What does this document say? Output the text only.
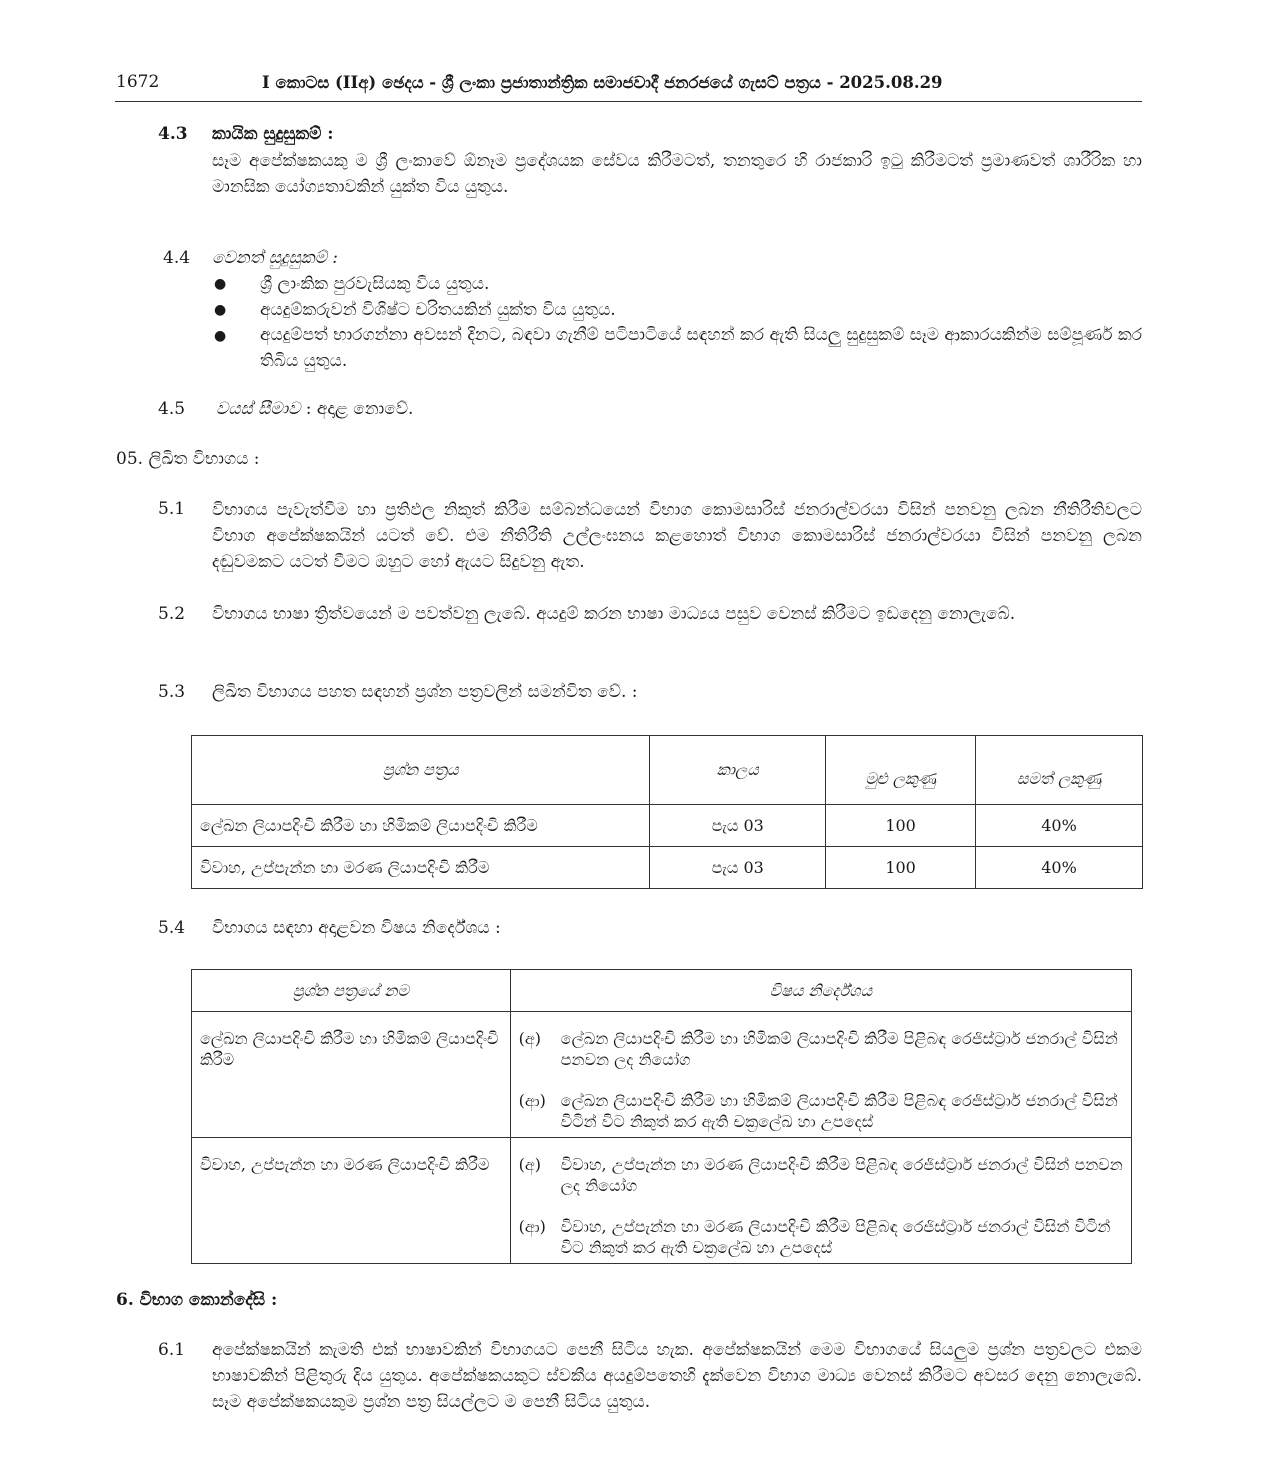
1672	I කොටස (IIඅ) ඡෙදය - ශ්‍රී ලංකා ප්‍රජාතාන්ත්‍රික සමාජවාදී ජනරජයේ ගැසට් පත්‍රය - 2025.08.29
4.3 කායික සුදුසුකම් :
සෑම අපේක්ෂකයකු ම ශ්‍රී ලංකාවේ ඕනෑම ප්‍රදේශයක සේවය කිරීමටත්, තනතුරෙ හි රාජකාරි ඉටු කිරීමටත් ප්‍රමාණවත් ශාරීරික හා මානසික යෝග්‍යතාවකින් යුක්ත විය යුතුය.
4.4 වෙනත් සුදුසුකම් :
● ශ්‍රී ලාංකික පුරවැසියකු විය යුතුය.
● අයදුම්කරුවන් විශිෂ්ට චරිතයකින් යුක්ත විය යුතුය.
● අයදුම්පත් භාරගන්නා අවසන් දිනට, බඳවා ගැනීම් පටිපාටියේ සඳහන් කර ඇති සියලු සුදුසුකම් සෑම ආකාරයකින්ම සම්පූර්ණ කර තිබිය යුතුය.
4.5 වයස් සීමාව : අදාළ නොවේ.
05. ලිඛිත විභාගය :
5.1 විභාගය පැවැත්වීම හා ප්‍රතිඵල නිකුත් කිරීම සම්බන්ධයෙන් විභාග කොමසාරිස් ජනරාල්වරයා විසින් පනවනු ලබන නීතිරීතිවලට විභාග අපේක්ෂකයින් යටත් වේ. එම නීතිරීති උල්ලංඝනය කළහොත් විභාග කොමසාරිස් ජනරාල්වරයා විසින් පනවනු ලබන දඬුවමකට යටත් වීමට ඔහුට හෝ ඇයට සිදුවනු ඇත.
5.2 විභාගය භාෂා ත්‍රිත්වයෙන් ම පවත්වනු ලැබේ. අයදුම් කරන භාෂා මාධ්‍යය පසුව වෙනස් කිරීමට ඉඩදෙනු නොලැබේ.
5.3 ලිඛිත විභාගය පහත සඳහන් ප්‍රශ්න පත්‍රවලින් සමන්විත වේ. :
ප්‍රශ්න පත්‍රය	කාලය	මුළු ලකුණු	සමත් ලකුණු
ලේඛන ලියාපදිංචි කිරීම හා හිමිකම් ලියාපදිංචි කිරීම	පැය 03	100	40%
විවාහ, උප්පැන්න හා මරණ ලියාපදිංචි කිරීම	පැය 03	100	40%
5.4 විභාගය සඳහා අදාළවන විෂය නිර්දේශය :
ප්‍රශ්න පත්‍රයේ නම	විෂය නිර්දේශය
ලේඛන ලියාපදිංචි කිරීම හා හිමිකම් ලියාපදිංචි කිරීම	(අ) ලේඛන ලියාපදිංචි කිරීම හා හිමිකම් ලියාපදිංචි කිරීම පිළිබඳ රෙජිස්ට්‍රාර් ජනරාල් විසින් පනවන ලද නියෝග
(ආ) ලේඛන ලියාපදිංචි කිරීම හා හිමිකම් ලියාපදිංචි කිරීම පිළිබඳ රෙජිස්ට්‍රාර් ජනරාල් විසින් විටින් විට නිකුත් කර ඇති චක්‍රලේඛ හා උපදෙස්

විවාහ, උප්පැන්න හා මරණ ලියාපදිංචි කිරීම	(අ) විවාහ, උප්පැන්න හා මරණ ලියාපදිංචි කිරීම පිළිබඳ රෙජිස්ට්‍රාර් ජනරාල් විසින් පනවන ලද නියෝග
(ආ) විවාහ, උප්පැන්න හා මරණ ලියාපදිංචි කිරීම පිළිබඳ රෙජිස්ට්‍රාර් ජනරාල් විසින් විටින් විට නිකුත් කර ඇති චක්‍රලේඛ හා උපදෙස්
6. විභාග කොන්දේසි :
6.1 අපේක්ෂකයින් කැමති එක් භාෂාවකින් විභාගයට පෙනී සිටිය හැක. අපේක්ෂකයින් මෙම විභාගයේ සියලුම ප්‍රශ්න පත්‍රවලට එකම භාෂාවකින් පිළිතුරු දිය යුතුය. අපේක්ෂකයකුට ස්වකීය අයදුම්පතෙහි දැක්වෙන විභාග මාධ්‍ය වෙනස් කිරීමට අවසර දෙනු නොලැබේ. සෑම අපේක්ෂකයකුම ප්‍රශ්න පත්‍ර සියල්ලට ම පෙනී සිටිය යුතුය.
